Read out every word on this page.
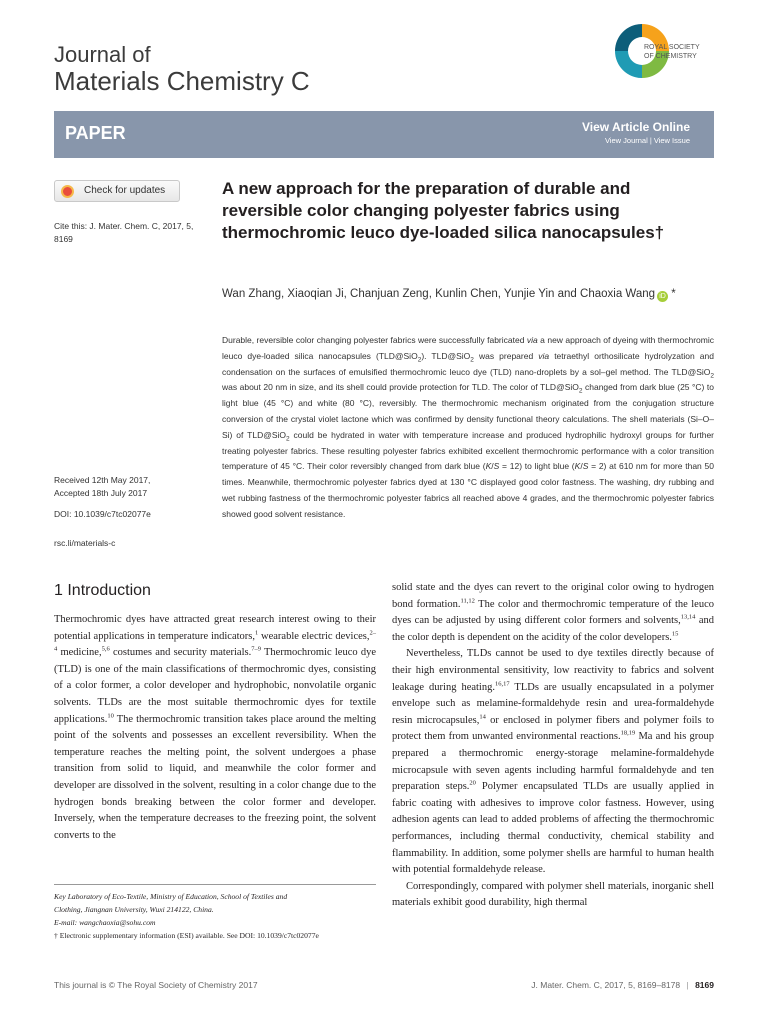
Journal of
Materials Chemistry C
ROYAL SOCIETY
OF CHEMISTRY
PAPER	View Article Online
View Journal | View Issue
Check for updates
Cite this: J. Mater. Chem. C, 2017, 5, 8169
Received 12th May 2017,
Accepted 18th July 2017
DOI: 10.1039/c7tc02077e
rsc.li/materials-c
A new approach for the preparation of durable and reversible color changing polyester fabrics using thermochromic leuco dye-loaded silica nanocapsules†
Wan Zhang, Xiaoqian Ji, Chanjuan Zeng, Kunlin Chen, Yunjie Yin and Chaoxia Wang iD *
Durable, reversible color changing polyester fabrics were successfully fabricated via a new approach of dyeing with thermochromic leuco dye-loaded silica nanocapsules (TLD@SiO$_2$). TLD@SiO$_2$ was prepared via tetraethyl orthosilicate hydrolyzation and condensation on the surfaces of emulsified thermochromic leuco dye (TLD) nano-droplets by a sol–gel method. The TLD@SiO$_2$ was about 20 nm in size, and its shell could provide protection for TLD. The color of TLD@SiO$_2$ changed from dark blue (25 °C) to light blue (45 °C) and white (80 °C), reversibly. The thermochromic mechanism originated from the conjugation structure conversion of the crystal violet lactone which was confirmed by density functional theory calculations. The shell materials (Si–O–Si) of TLD@SiO$_2$ could be hydrated in water with temperature increase and produced hydrophilic hydroxyl groups for further treating polyester fabrics. These resulting polyester fabrics exhibited excellent thermochromic performance with a color transition temperature of 45 °C. Their color reversibly changed from dark blue (K/S = 12) to light blue (K/S = 2) at 610 nm for more than 50 times. Meanwhile, thermochromic polyester fabrics dyed at 130 °C displayed good color fastness. The washing, dry rubbing and wet rubbing fastness of the thermochromic polyester fabrics all reached above 4 grades, and the thermochromic polyester fabrics showed good solvent resistance.
1 Introduction

Thermochromic dyes have attracted great research interest owing to their potential applications in temperature indicators,$^1$ wearable electric devices,$^{2-4}$ medicine,$^{5,6}$ costumes and security materials.$^{7-9}$ Thermochromic leuco dye (TLD) is one of the main classifications of thermochromic dyes, consisting of a color former, a color developer and hydrophobic, nonvolatile organic solvents. TLDs are the most suitable thermochromic dyes for textile applications.$^{10}$ The thermochromic transition takes place around the melting point of the solvents and possesses an excellent reversibility. When the temperature reaches the melting point, the solvent undergoes a phase transition from solid to liquid, and meanwhile the color former and developer are dissolved in the solvent, resulting in a color change due to the hydrogen bonds breaking between the color former and developer. Inversely, when the temperature decreases to the freezing point, the solvent converts to the

solid state and the dyes can revert to the original color owing to hydrogen bond formation.$^{11,12}$ The color and thermochromic temperature of the leuco dyes can be adjusted by using different color formers and solvents,$^{13,14}$ and the color depth is dependent on the acidity of the color developers.$^{15}$

Nevertheless, TLDs cannot be used to dye textiles directly because of their high environmental sensitivity, low reactivity to fabrics and solvent leakage during heating.$^{16,17}$ TLDs are usually encapsulated in a polymer envelope such as melamine-formaldehyde resin and urea-formaldehyde resin microcapsules,$^{14}$ or enclosed in polymer fibers and polymer foils to protect them from unwanted environmental reactions.$^{18,19}$ Ma and his group prepared a thermochromic energy-storage melamine-formaldehyde microcapsule with seven agents including harmful formaldehyde and ten preparation steps.$^{20}$ Polymer encapsulated TLDs are usually applied in fabric coating with adhesives to improve color fastness. However, using adhesion agents can lead to added problems of affecting the thermochromic performances, including thermal conductivity, chemical stability and flammability. In addition, some polymer shells are harmful to human health with potential formaldehyde release.

Correspondingly, compared with polymer shell materials, inorganic shell materials exhibit good durability, high thermal

Key Laboratory of Eco-Textile, Ministry of Education, School of Textiles and
Clothing, Jiangnan University, Wuxi 214122, China.
E-mail: wangchaoxia@sohu.com
† Electronic supplementary information (ESI) available. See DOI: 10.1039/c7tc02077e
This journal is © The Royal Society of Chemistry 2017	J. Mater. Chem. C, 2017, 5, 8169–8178 | 8169
